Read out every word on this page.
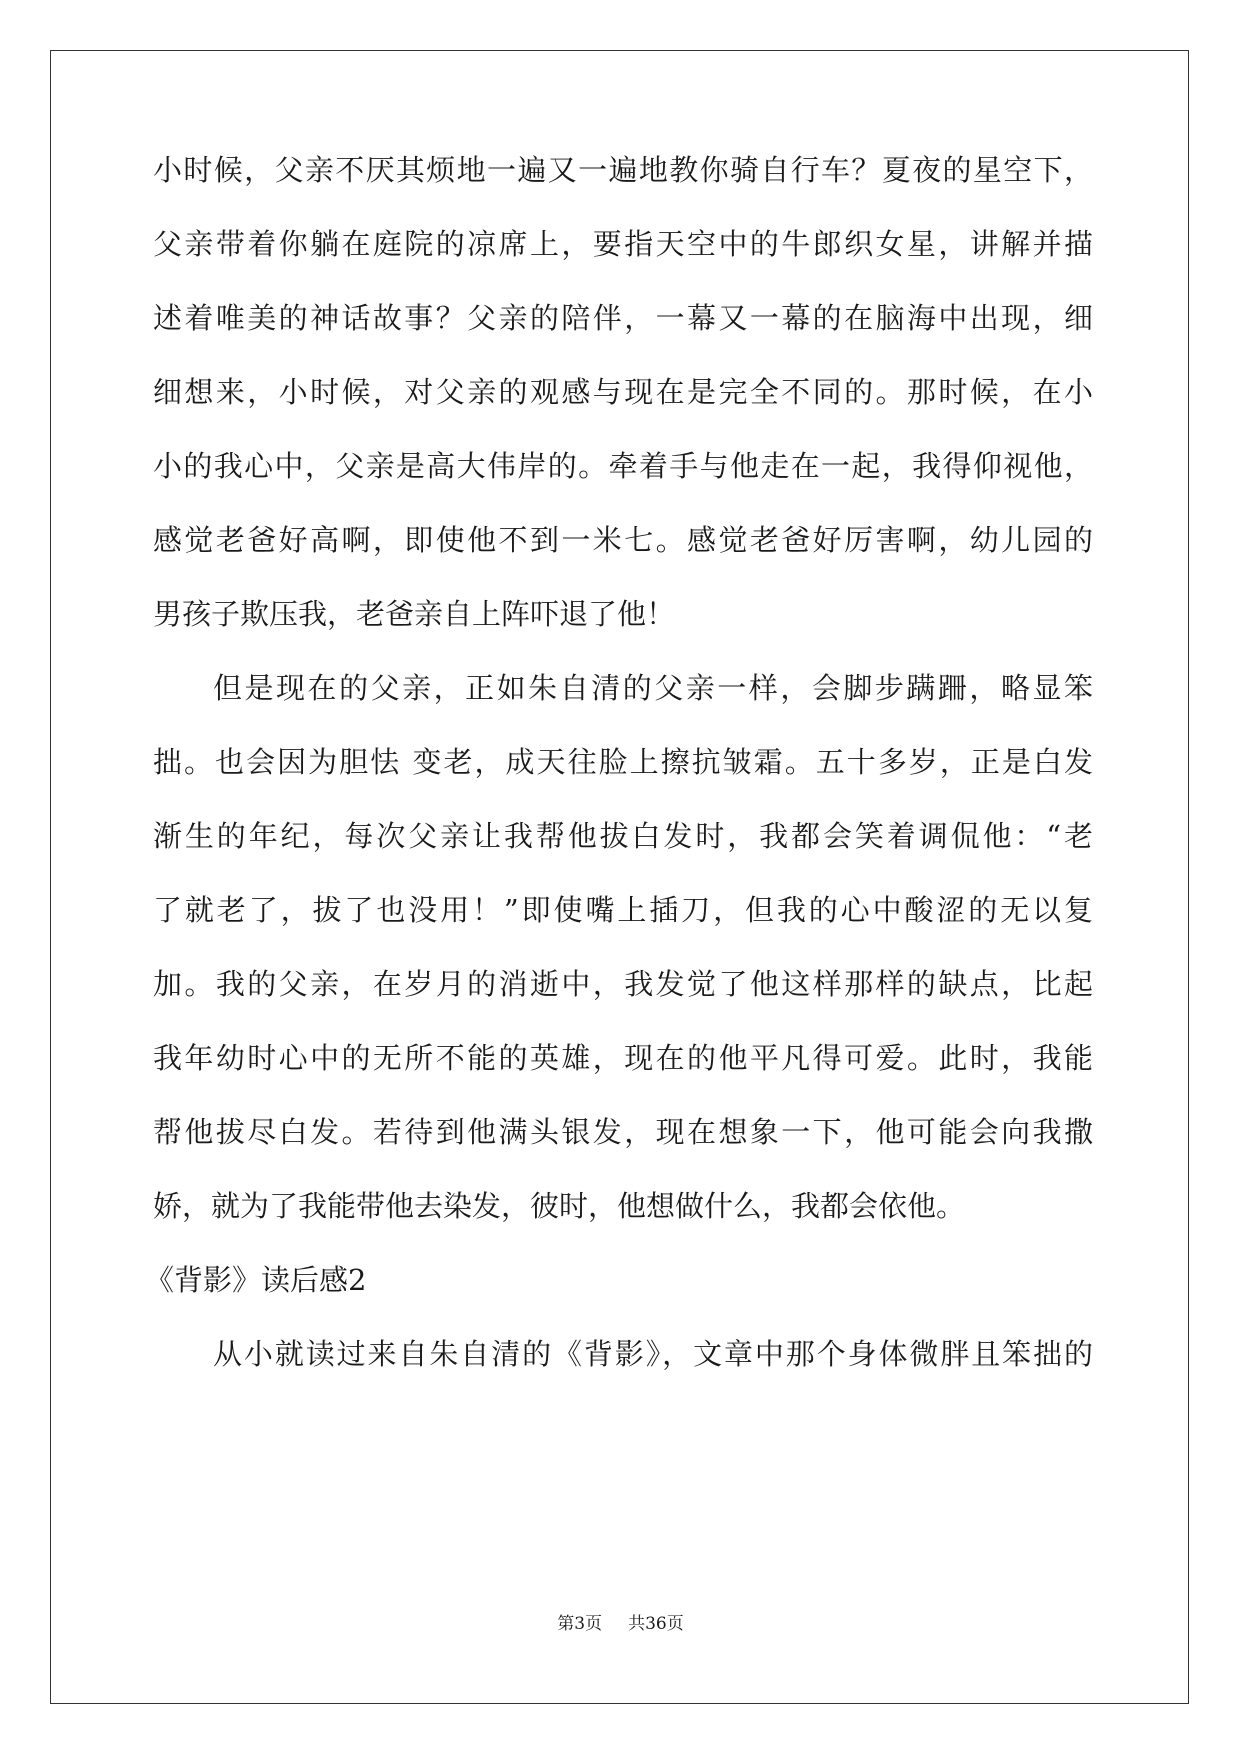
小时候，父亲不厌其烦地一遍又一遍地教你骑自行车？夏夜的星空下，
父亲带着你躺在庭院的凉席上，要指天空中的牛郎织女星，讲解并描
述着唯美的神话故事？父亲的陪伴，一幕又一幕的在脑海中出现，细
细想来，小时候，对父亲的观感与现在是完全不同的。那时候，在小
小的我心中，父亲是高大伟岸的。牵着手与他走在一起，我得仰视他，
感觉老爸好高啊，即使他不到一米七。感觉老爸好厉害啊，幼儿园的
男孩子欺压我，老爸亲自上阵吓退了他！
但是现在的父亲，正如朱自清的父亲一样，会脚步蹒跚，略显笨
拙。也会因为胆怯 变老，成天往脸上擦抗皱霜。五十多岁，正是白发
渐生的年纪，每次父亲让我帮他拔白发时，我都会笑着调侃他：“老
了就老了，拔了也没用！”即使嘴上插刀，但我的心中酸涩的无以复
加。我的父亲，在岁月的消逝中，我发觉了他这样那样的缺点，比起
我年幼时心中的无所不能的英雄，现在的他平凡得可爱。此时，我能
帮他拔尽白发。若待到他满头银发，现在想象一下，他可能会向我撒
娇，就为了我能带他去染发，彼时，他想做什么，我都会依他。
《背影》读后感2
从小就读过来自朱自清的《背影》，文章中那个身体微胖且笨拙的
第3页 共36页
